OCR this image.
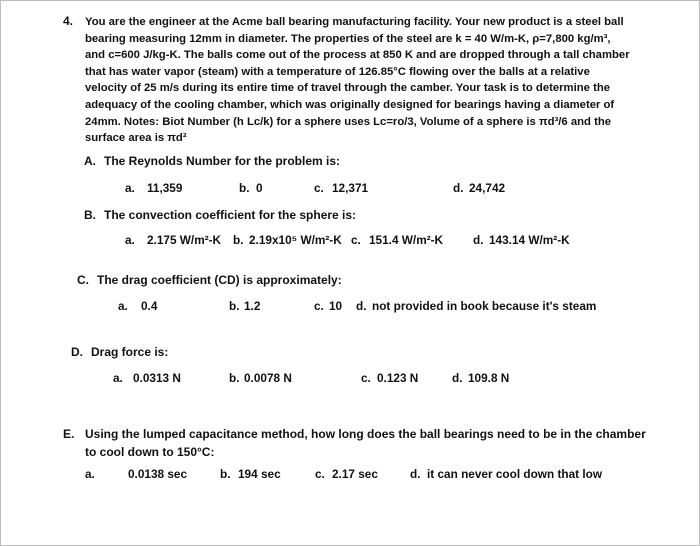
4. You are the engineer at the Acme ball bearing manufacturing facility. Your new product is a steel ball
bearing measuring 12mm in diameter. The properties of the steel are k = 40 W/m-K, ρ=7,800 kg/m³,
and c=600 J/kg-K. The balls come out of the process at 850 K and are dropped through a tall chamber
that has water vapor (steam) with a temperature of 126.85°C flowing over the balls at a relative
velocity of 25 m/s during its entire time of travel through the camber. Your task is to determine the
adequacy of the cooling chamber, which was originally designed for bearings having a diameter of
24mm. Notes: Biot Number (h Lc/k) for a sphere uses Lc=ro/3, Volume of a sphere is πd³/6 and the
surface area is πd²
A. The Reynolds Number for the problem is:
a. 11,359	b. 0	c. 12,371	d. 24,742
B. The convection coefficient for the sphere is:
a. 2.175 W/m²-K b. 2.19x10⁵ W/m²-K c. 151.4 W/m²-K	d. 143.14 W/m²-K
C. The drag coefficient (CD) is approximately:
a. 0.4	b. 1.2	c. 10 d. not provided in book because it's steam
D. Drag force is:
a. 0.0313 N	b. 0.0078 N	c. 0.123 N	d. 109.8 N
E. Using the lumped capacitance method, how long does the ball bearings need to be in the chamber
to cool down to 150°C:
a.	0.0138 sec	b. 194 sec	c. 2.17 sec	d. it can never cool down that low
